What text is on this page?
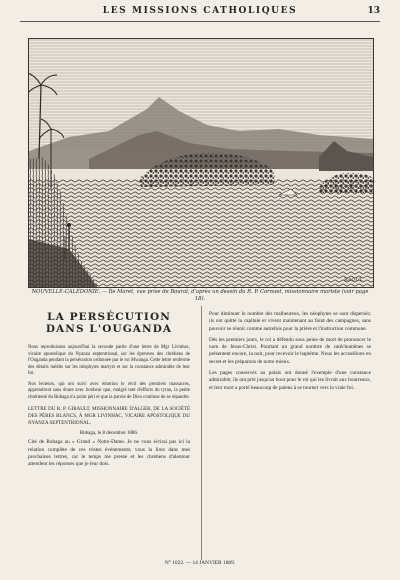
LES MISSIONS CATHOLIQUES	13
RAOUL
NOUVELLE-CALÉDONIE. — Île Maret, vue prise de Bouraï, d'après un dessin du R. P. Cornuet, missionnaire mariste (voir page 18).
LA PERSÉCUTION DANS L'OUGANDA

Nous reproduisons aujourd'hui la seconde partie d'une lettre de Mgr Livinhac, vicaire apostolique du Nyanza septentrional, sur les épreuves des chrétiens de l'Ouganda pendant la persécution ordonnée par le roi Mwanga. Cette lettre renferme des détails inédits sur les néophytes martyrs et sur la constance admirable de leur foi.

Nos lecteurs, qui ont suivi avec émotion le récit des premiers massacres, apprendront sans doute avec bonheur que, malgré tant d'efforts du tyran, la petite chrétienté du Rubaga n'a point péri et que la parole de Dieu continue de se répandre.

LETTRE DU R. P. GIRAULT, MISSIONNAIRE D'ALGER, DE LA SOCIÉTÉ DES PÈRES BLANCS, À MGR LIVINHAC, VICAIRE APOSTOLIQUE DU NYANZA SEPTENTRIONAL.

Rubaga, le 8 décembre 1886.

Cité de Rubaga au « Grand » Notre-Dame. Je ne vous écrirai pas ici la relation complète de ces tristes événements; vous la lirez dans mes prochaines lettres, car le temps me presse et les chrétiens d'alentour attendent les réponses que je leur dois.

Pour diminuer le nombre des malheureux, les néophytes se sont dispersés; ils ont quitté la capitale et vivent maintenant au fond des campagnes, sans pouvoir se réunir comme autrefois pour la prière et l'instruction commune.

Dès les premiers jours, le roi a défendu sous peine de mort de prononcer le nom de Jésus-Christ. Pourtant un grand nombre de catéchumènes se présentent encore, la nuit, pour recevoir le baptême. Nous les accueillons en secret et les préparons de notre mieux.

Les pages conservés au palais ont donné l'exemple d'une constance admirable; ils ont prié jusqu'au bout pour le roi qui les livrait aux bourreaux, et leur mort a porté beaucoup de païens à se tourner vers la vraie foi.

N° 1022. — 14 JANVIER 1889.
